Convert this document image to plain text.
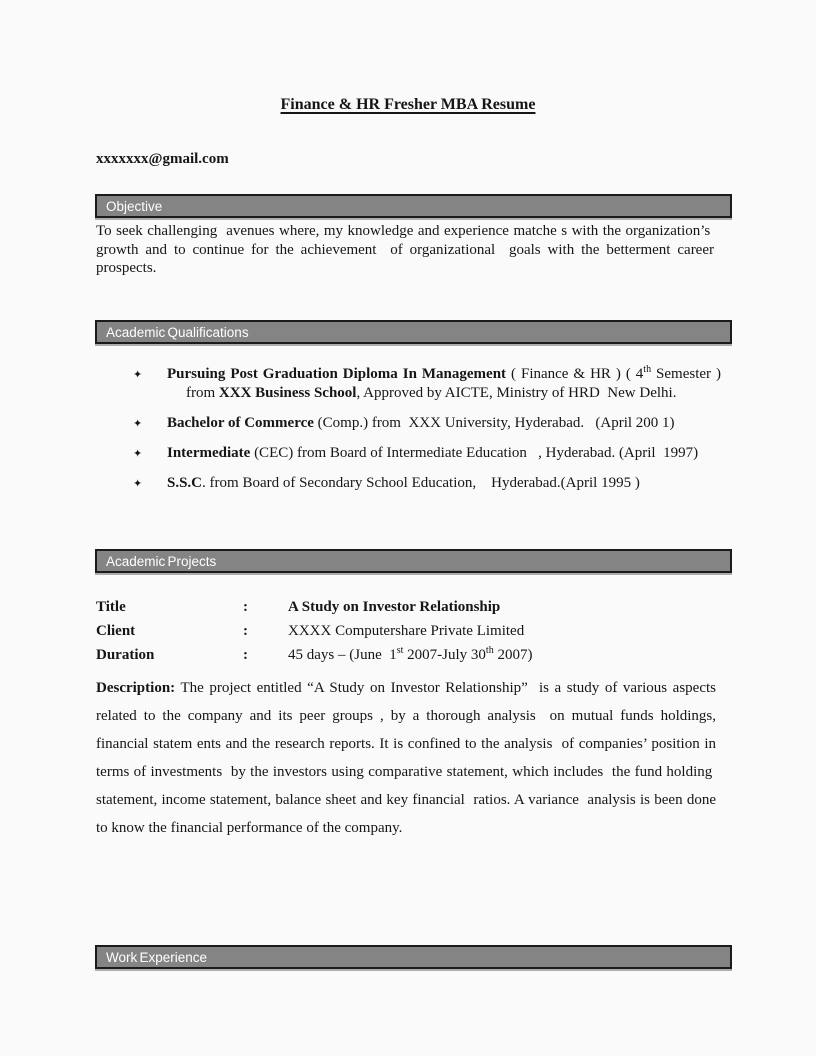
Finance & HR Fresher MBA Resume

xxxxxxx@gmail.com

Objective

To seek challenging  avenues where, my knowledge and experience matche s with the organization’s  growth and to continue for the achievement  of organizational  goals with the betterment career prospects.

Academic Qualifications
✦	Pursuing Post Graduation Diploma In Management ( Finance & HR ) ( 4th Semester ) from XXX Business School, Approved by AICTE, Ministry of HRD  New Delhi.
✦	Bachelor of Commerce (Comp.) from  XXX University, Hyderabad.   (April 200 1)
✦	Intermediate (CEC) from Board of Intermediate Education   , Hyderabad. (April  1997)
✦	S.S.C. from Board of Secondary School Education,    Hyderabad.(April 1995 )
Academic Projects
Title	:	A Study on Investor Relationship
Client	:	XXXX Computershare Private Limited
Duration	:	45 days – (June  1st 2007-July 30th 2007)

Description: The project entitled “A Study on Investor Relationship”  is a study of various aspects related to the company and its peer groups , by a thorough analysis  on mutual funds holdings, financial statem ents and the research reports. It is confined to the analysis  of companies’ position in terms of investments  by the investors using comparative statement, which includes  the fund holding  statement, income statement, balance sheet and key financial  ratios. A variance  analysis is been done to know the financial performance of the company.

Work Experience
